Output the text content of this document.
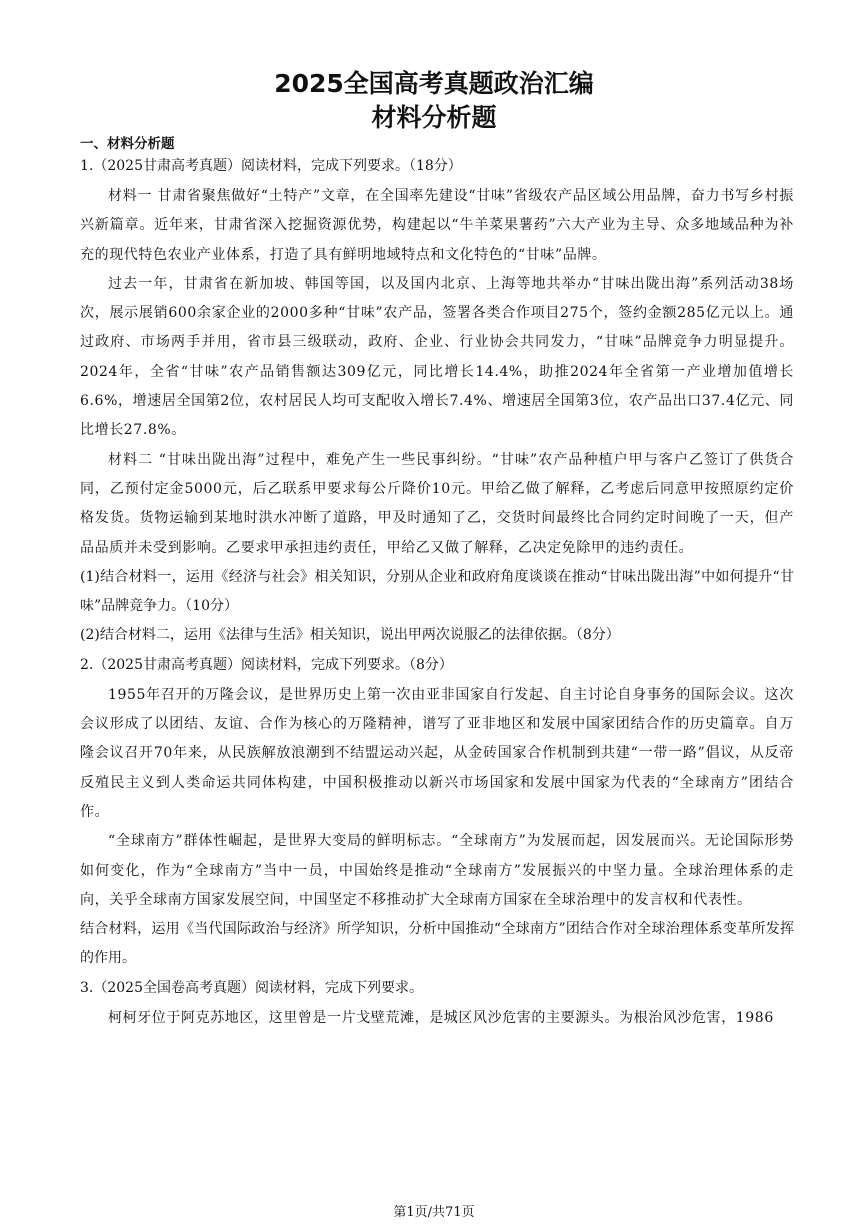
2025全国高考真题政治汇编
材料分析题

一、材料分析题

1.（2025甘肃高考真题）阅读材料，完成下列要求。（18分）

材料一 甘肃省聚焦做好“土特产”文章，在全国率先建设“甘味”省级农产品区域公用品牌，奋力书写乡村振兴新篇章。近年来，甘肃省深入挖掘资源优势，构建起以“牛羊菜果薯药”六大产业为主导、众多地域品种为补充的现代特色农业产业体系，打造了具有鲜明地域特点和文化特色的“甘味”品牌。

过去一年，甘肃省在新加坡、韩国等国，以及国内北京、上海等地共举办“甘味出陇出海”系列活动38场次，展示展销600余家企业的2000多种“甘味”农产品，签署各类合作项目275个，签约金额285亿元以上。通过政府、市场两手并用，省市县三级联动，政府、企业、行业协会共同发力，“甘味”品牌竞争力明显提升。2024年，全省“甘味”农产品销售额达309亿元，同比增长14.4%，助推2024年全省第一产业增加值增长6.6%，增速居全国第2位，农村居民人均可支配收入增长7.4%、增速居全国第3位，农产品出口37.4亿元、同比增长27.8%。

材料二 “甘味出陇出海”过程中，难免产生一些民事纠纷。“甘味”农产品种植户甲与客户乙签订了供货合同，乙预付定金5000元，后乙联系甲要求每公斤降价10元。甲给乙做了解释，乙考虑后同意甲按照原约定价格发货。货物运输到某地时洪水冲断了道路，甲及时通知了乙，交货时间最终比合同约定时间晚了一天，但产品品质并未受到影响。乙要求甲承担违约责任，甲给乙又做了解释，乙决定免除甲的违约责任。

(1)结合材料一，运用《经济与社会》相关知识，分别从企业和政府角度谈谈在推动“甘味出陇出海”中如何提升“甘味”品牌竞争力。（10分）

(2)结合材料二，运用《法律与生活》相关知识，说出甲两次说服乙的法律依据。（8分）

2.（2025甘肃高考真题）阅读材料，完成下列要求。（8分）

1955年召开的万隆会议，是世界历史上第一次由亚非国家自行发起、自主讨论自身事务的国际会议。这次会议形成了以团结、友谊、合作为核心的万隆精神，谱写了亚非地区和发展中国家团结合作的历史篇章。自万隆会议召开70年来，从民族解放浪潮到不结盟运动兴起，从金砖国家合作机制到共建“一带一路”倡议，从反帝反殖民主义到人类命运共同体构建，中国积极推动以新兴市场国家和发展中国家为代表的“全球南方”团结合作。

“全球南方”群体性崛起，是世界大变局的鲜明标志。“全球南方”为发展而起，因发展而兴。无论国际形势如何变化，作为“全球南方”当中一员，中国始终是推动“全球南方”发展振兴的中坚力量。全球治理体系的走向，关乎全球南方国家发展空间，中国坚定不移推动扩大全球南方国家在全球治理中的发言权和代表性。

结合材料，运用《当代国际政治与经济》所学知识，分析中国推动“全球南方”团结合作对全球治理体系变革所发挥的作用。

3.（2025全国卷高考真题）阅读材料，完成下列要求。

柯柯牙位于阿克苏地区，这里曾是一片戈壁荒滩，是城区风沙危害的主要源头。为根治风沙危害，1986

第1页/共71页
